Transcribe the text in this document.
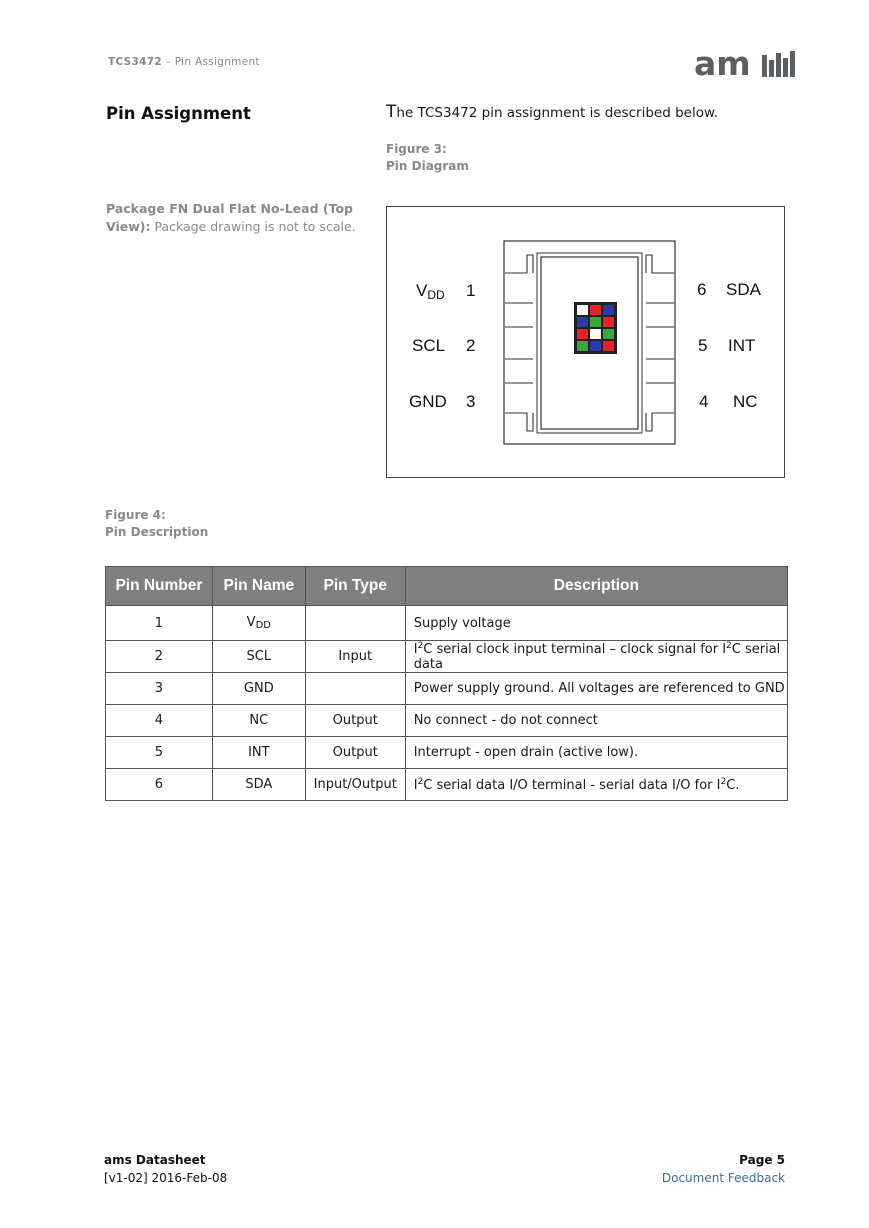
TCS3472 – Pin Assignment	am
Pin Assignment	The TCS3472 pin assignment is described below.
Figure 3:
Pin Diagram
Package FN Dual Flat No-Lead (Top View): Package drawing is not to scale.
$V_{DD}$ 1
SCL 2
GND 3
6 SDA
5 INT
4 NC
Figure 4:
Pin Description
Pin Number	Pin Name	Pin Type	Description
1	$V_{DD}$		Supply voltage
2	SCL	Input	$I^2C$ serial clock input terminal – clock signal for $I^2C$ serial data
3	GND		Power supply ground. All voltages are referenced to GND
4	NC	Output	No connect - do not connect
5	INT	Output	Interrupt - open drain (active low).
6	SDA	Input/Output	$I^2C$ serial data I/O terminal - serial data I/O for $I^2C$.
ams Datasheet
[v1-02] 2016-Feb-08
Page 5
Document Feedback
